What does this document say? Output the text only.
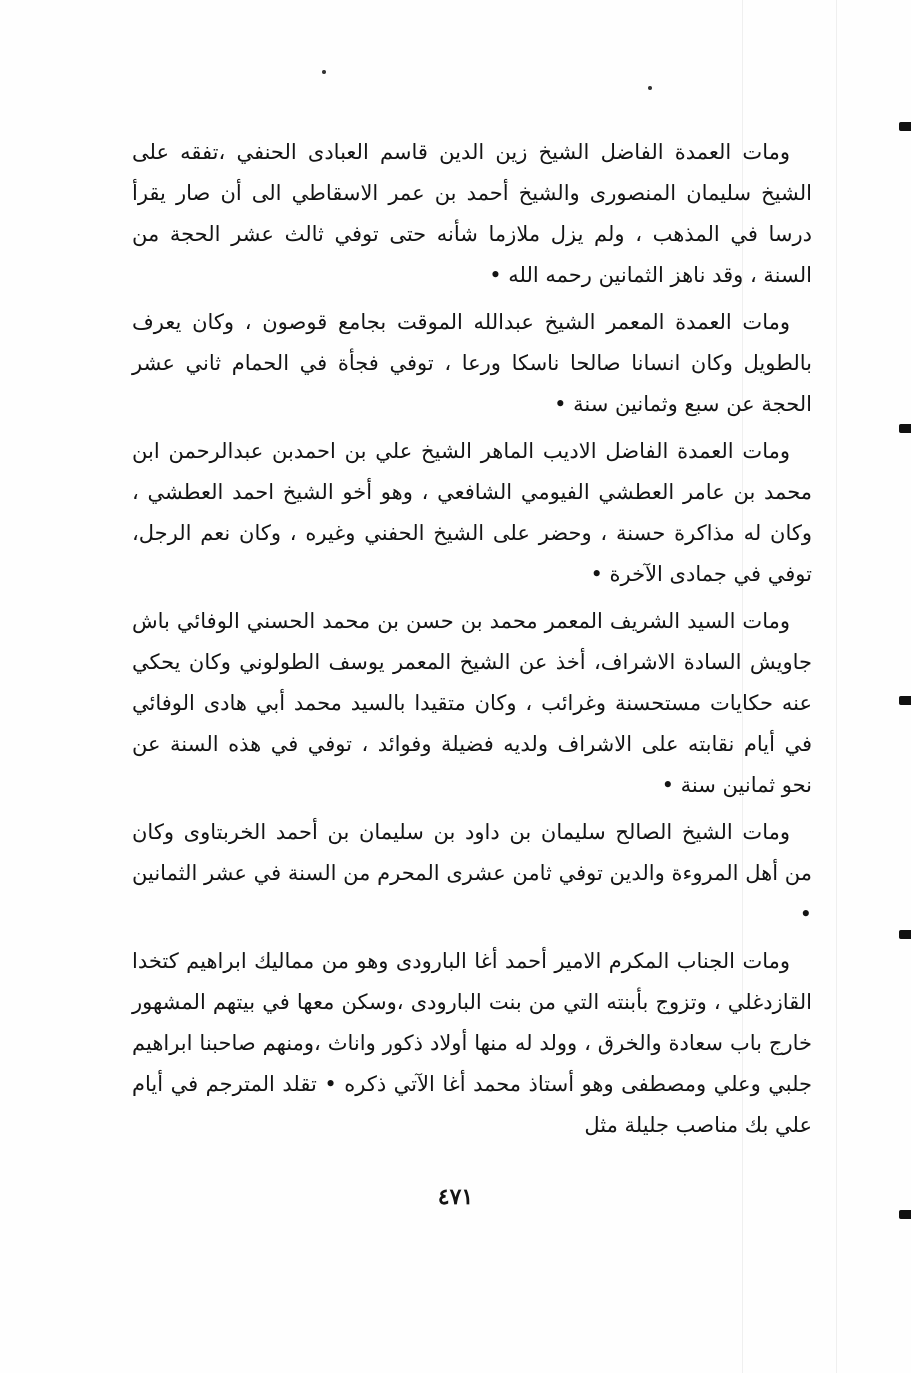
ومات العمدة الفاضل الشيخ زين الدين قاسم العبادى الحنفي ،تفقه على الشيخ سليمان المنصورى والشيخ أحمد بن عمر الاسقاطي الى أن صار يقرأ درسا في المذهب ، ولم يزل ملازما شأنه حتى توفي ثالث عشر الحجة من السنة ، وقد ناهز الثمانين رحمه الله •

ومات العمدة المعمر الشيخ عبدالله الموقت بجامع قوصون ، وكان يعرف بالطويل وكان انسانا صالحا ناسكا ورعا ، توفي فجأة في الحمام ثاني عشر الحجة عن سبع وثمانين سنة •

ومات العمدة الفاضل الاديب الماهر الشيخ علي بن احمدبن عبدالرحمن ابن محمد بن عامر العطشي الفيومي الشافعي ، وهو أخو الشيخ احمد العطشي ، وكان له مذاكرة حسنة ، وحضر على الشيخ الحفني وغيره ، وكان نعم الرجل، توفي في جمادى الآخرة •

ومات السيد الشريف المعمر محمد بن حسن بن محمد الحسني الوفائي باش جاويش السادة الاشراف، أخذ عن الشيخ المعمر يوسف الطولوني وكان يحكي عنه حكايات مستحسنة وغرائب ، وكان متقيدا بالسيد محمد أبي هادى الوفائي في أيام نقابته على الاشراف ولديه فضيلة وفوائد ، توفي في هذه السنة عن نحو ثمانين سنة •

ومات الشيخ الصالح سليمان بن داود بن سليمان بن أحمد الخربتاوى وكان من أهل المروءة والدين توفي ثامن عشرى المحرم من السنة في عشر الثمانين •

ومات الجناب المكرم الامير أحمد أغا البارودى وهو من مماليك ابراهيم كتخدا القازدغلي ، وتزوج بأبنته التي من بنت البارودى ،وسكن معها في بيتهم المشهور خارج باب سعادة والخرق ، وولد له منها أولاد ذكور واناث ،ومنهم صاحبنا ابراهيم جلبي وعلي ومصطفى وهو أستاذ محمد أغا الآتي ذكره • تقلد المترجم في أيام علي بك مناصب جليلة مثل

٤٧١
